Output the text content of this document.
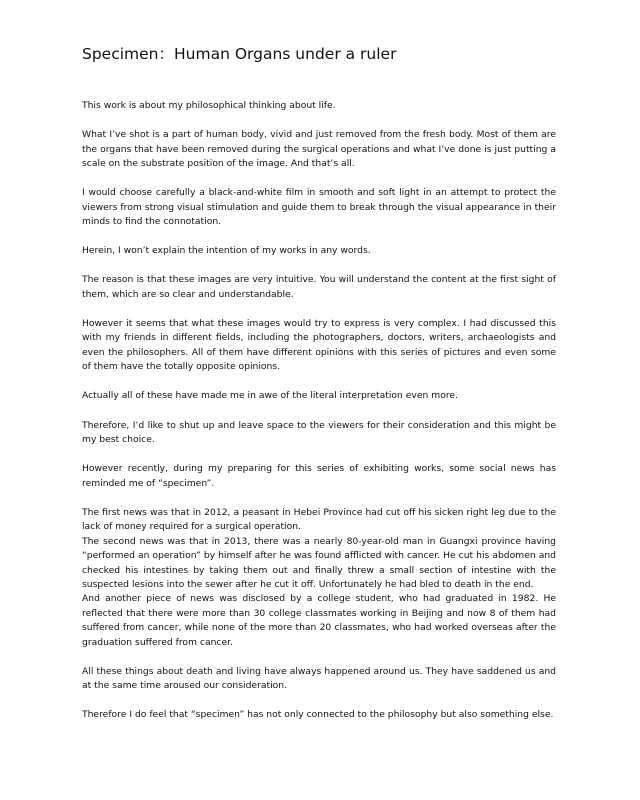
Specimen：Human Organs under a ruler

This work is about my philosophical thinking about life.

What I’ve shot is a part of human body, vivid and just removed from the fresh body. Most of them are the organs that have been removed during the surgical operations and what I’ve done is just putting a scale on the substrate position of the image. And that’s all.

I would choose carefully a black-and-white film in smooth and soft light in an attempt to protect the viewers from strong visual stimulation and guide them to break through the visual appearance in their minds to find the connotation.

Herein, I won’t explain the intention of my works in any words.

The reason is that these images are very intuitive. You will understand the content at the first sight of them, which are so clear and understandable.

However it seems that what these images would try to express is very complex. I had discussed this with my friends in different fields, including the photographers, doctors, writers, archaeologists and even the philosophers. All of them have different opinions with this series of pictures and even some of them have the totally opposite opinions.

Actually all of these have made me in awe of the literal interpretation even more.

Therefore, I’d like to shut up and leave space to the viewers for their consideration and this might be my best choice.

However recently, during my preparing for this series of exhibiting works, some social news has reminded me of “specimen”.

The first news was that in 2012, a peasant in Hebei Province had cut off his sicken right leg due to the lack of money required for a surgical operation.

The second news was that in 2013, there was a nearly 80-year-old man in Guangxi province having “performed an operation” by himself after he was found afflicted with cancer. He cut his abdomen and checked his intestines by taking them out and finally threw a small section of intestine with the suspected lesions into the sewer after he cut it off. Unfortunately he had bled to death in the end.

And another piece of news was disclosed by a college student, who had graduated in 1982. He reflected that there were more than 30 college classmates working in Beijing and now 8 of them had suffered from cancer, while none of the more than 20 classmates, who had worked overseas after the graduation suffered from cancer.

All these things about death and living have always happened around us. They have saddened us and at the same time aroused our consideration.

Therefore I do feel that “specimen” has not only connected to the philosophy but also something else.
